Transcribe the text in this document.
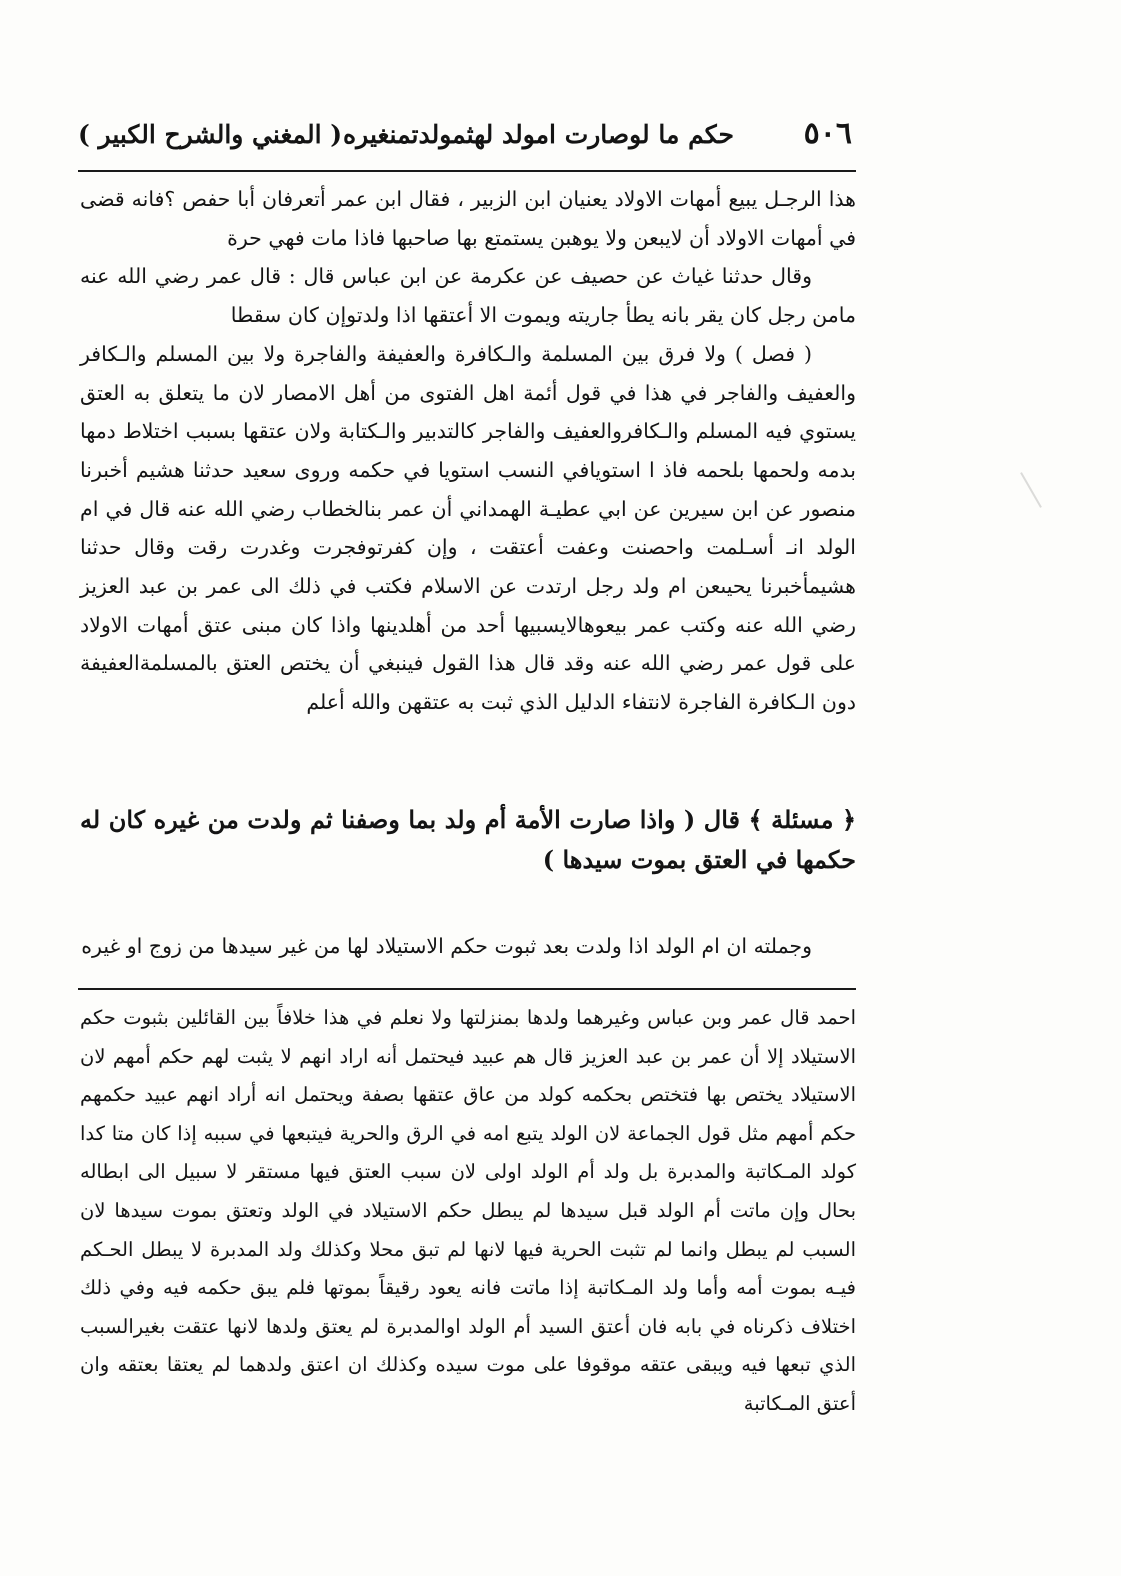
٥٠٦
حكم ما لوصارت امولد لهثمولدتمنغيره
( المغني والشرح الكبير )

هذا الرجـل يبيع أمهات الاولاد يعنيان ابن الزبير ، فقال ابن عمر أتعرفان أبا حفص ؟فانه قضى في أمهات الاولاد أن لايبعن ولا يوهبن يستمتع بها صاحبها فاذا مات فهي حرة

وقال حدثنا غياث عن حصيف عن عكرمة عن ابن عباس قال : قال عمر رضي الله عنه مامن رجل كان يقر بانه يطأ جاريته ويموت الا أعتقها اذا ولدتوإن كان سقطا

( فصل ) ولا فرق بين المسلمة والـكافرة والعفيفة والفاجرة ولا بين المسلم والـكافر والعفيف والفاجر في هذا في قول أئمة اهل الفتوى من أهل الامصار لان ما يتعلق به العتق يستوي فيه المسلم والـكافروالعفيف والفاجر كالتدبير والـكتابة ولان عتقها بسبب اختلاط دمها بدمه ولحمها بلحمه فاذ ا استويافي النسب استويا في حكمه وروى سعيد حدثنا هشيم أخبرنا منصور عن ابن سيرين عن ابي عطيـة الهمداني أن عمر بنالخطاب رضي الله عنه قال في ام الولد انـ أسـلمت واحصنت وعفت أعتقت ، وإن كفرتوفجرت وغدرت رقت وقال حدثنا هشيمأخبرنا يحيىعن ام ولد رجل ارتدت عن الاسلام فكتب في ذلك الى عمر بن عبد العزيز رضي الله عنه وكتب عمر بيعوهالايسبيها أحد من أهلدينها واذا كان مبنى عتق أمهات الاولاد على قول عمر رضي الله عنه وقد قال هذا القول فينبغي أن يختص العتق بالمسلمةالعفيفة دون الـكافرة الفاجرة لانتفاء الدليل الذي ثبت به عتقهن والله أعلم

﴿ مسئلة ﴾ قال ( واذا صارت الأمة أم ولد بما وصفنا ثم ولدت من غيره كان له حكمها في العتق بموت سيدها )
وجملته ان ام الولد اذا ولدت بعد ثبوت حكم الاستيلاد لها من غير سيدها من زوج او غيره

احمد قال عمر وبن عباس وغيرهما ولدها بمنزلتها ولا نعلم في هذا خلافاً بين القائلين بثبوت حكم الاستيلاد إلا أن عمر بن عبد العزيز قال هم عبيد فيحتمل أنه اراد انهم لا يثبت لهم حكم أمهم لان الاستيلاد يختص بها فتختص بحكمه كولد من عاق عتقها بصفة ويحتمل انه أراد انهم عبيد حكمهم حكم أمهم مثل قول الجماعة لان الولد يتبع امه في الرق والحرية فيتبعها في سببه إذا كان متا كدا كولد المـكاتبة والمدبرة بل ولد أم الولد اولى لان سبب العتق فيها مستقر لا سبيل الى ابطاله بحال وإن ماتت أم الولد قبل سيدها لم يبطل حكم الاستيلاد في الولد وتعتق بموت سيدها لان السبب لم يبطل وانما لم تثبت الحرية فيها لانها لم تبق محلا وكذلك ولد المدبرة لا يبطل الحـكم فيـه بموت أمه وأما ولد المـكاتبة إذا ماتت فانه يعود رقيقاً بموتها فلم يبق حكمه فيه وفي ذلك اختلاف ذكرناه في بابه فان أعتق السيد أم الولد اوالمدبرة لم يعتق ولدها لانها عتقت بغيرالسبب الذي تبعها فيه ويبقى عتقه موقوفا على موت سيده وكذلك ان اعتق ولدهما لم يعتقا بعتقه وان أعتق المـكاتبة
